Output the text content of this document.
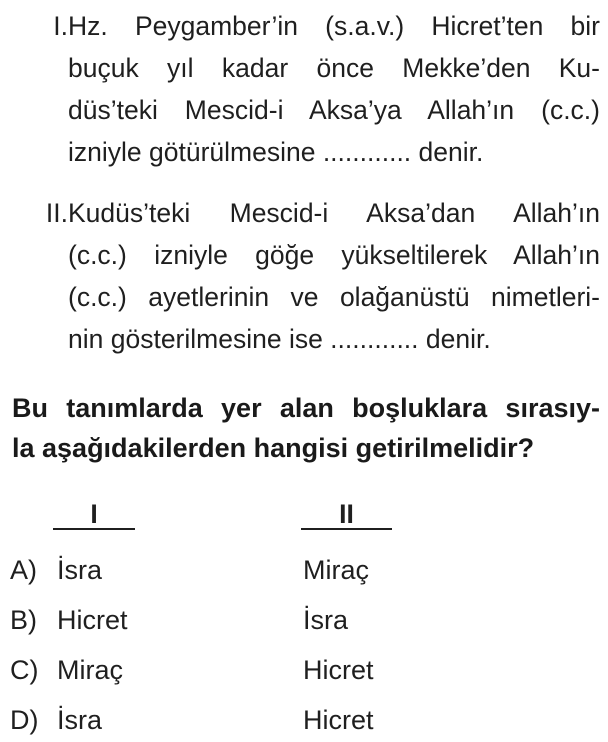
I. Hz. Peygamber’in (s.a.v.) Hicret’ten bir
buçuk yıl kadar önce Mekke’den Ku-
düs’teki Mescid-i Aksa’ya Allah’ın (c.c.)
izniyle götürülmesine ............ denir.
II. Kudüs’teki Mescid-i Aksa’dan Allah’ın
(c.c.) izniyle göğe yükseltilerek Allah’ın
(c.c.) ayetlerinin ve olağanüstü nimetleri-
nin gösterilmesine ise ............ denir.
Bu tanımlarda yer alan boşluklara sırasıy-
la aşağıdakilerden hangisi getirilmelidir?
I	II
A) İsra	Miraç
B) Hicret	İsra
C) Miraç	Hicret
D) İsra	Hicret
